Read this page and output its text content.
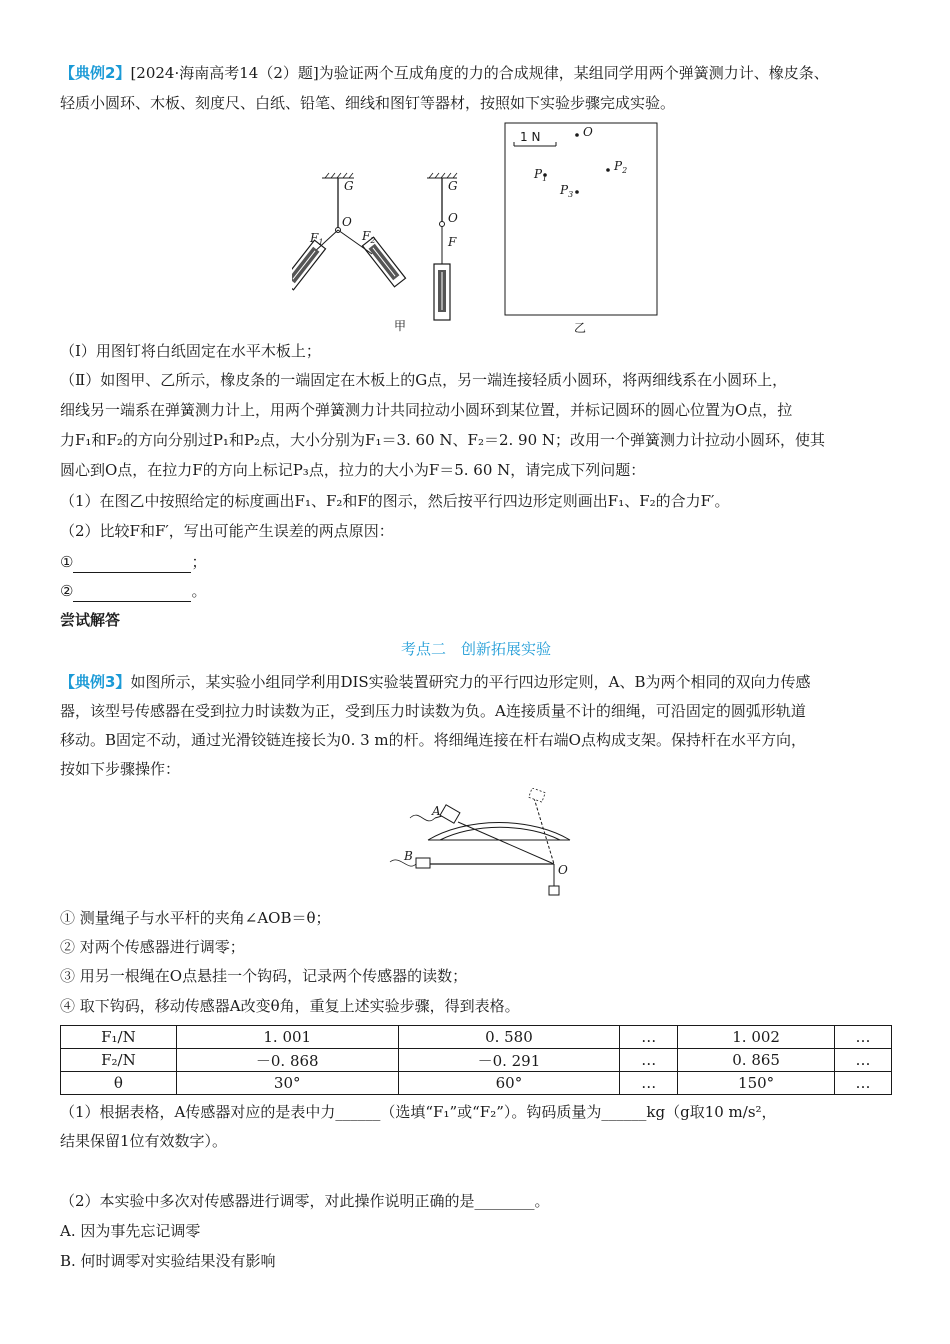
【典例2】[2024·海南高考14（2）题]为验证两个互成角度的力的合成规律，某组同学用两个弹簧测力计、橡皮条、
轻质小圆环、木板、刻度尺、白纸、铅笔、细线和图钉等器材，按照如下实验步骤完成实验。
G
O
$F_1$	$F_2$
G
O
F
甲
1 N	O
$P_1$
$P_2$
$P_3$
乙
（Ⅰ）用图钉将白纸固定在水平木板上；
（Ⅱ）如图甲、乙所示，橡皮条的一端固定在木板上的G点，另一端连接轻质小圆环，将两细线系在小圆环上，
细线另一端系在弹簧测力计上，用两个弹簧测力计共同拉动小圆环到某位置，并标记圆环的圆心位置为O点，拉
力F₁和F₂的方向分别过P₁和P₂点，大小分别为F₁＝3. 60 N、F₂＝2. 90 N；改用一个弹簧测力计拉动小圆环，使其
圆心到O点，在拉力F的方向上标记P₃点，拉力的大小为F＝5. 60 N，请完成下列问题：
（1）在图乙中按照给定的标度画出F₁、F₂和F的图示，然后按平行四边形定则画出F₁、F₂的合力F′。
（2）比较F和F′，写出可能产生误差的两点原因：
①	；
②	。
尝试解答
考点二　创新拓展实验
【典例3】如图所示，某实验小组同学利用DIS实验装置研究力的平行四边形定则，A、B为两个相同的双向力传感
器，该型号传感器在受到拉力时读数为正，受到压力时读数为负。A连接质量不计的细绳，可沿固定的圆弧形轨道
移动。B固定不动，通过光滑铰链连接长为0. 3 m的杆。将细绳连接在杆右端O点构成支架。保持杆在水平方向，
按如下步骤操作：
A
B
O
① 测量绳子与水平杆的夹角∠AOB＝θ；
② 对两个传感器进行调零；
③ 用另一根绳在O点悬挂一个钩码，记录两个传感器的读数；
④ 取下钩码，移动传感器A改变θ角，重复上述实验步骤，得到表格。
F₁/N	1. 001	0. 580	…	1. 002	…
F₂/N	－0. 868	－0. 291	…	0. 865	…
θ	30°	60°	…	150°	…
（1）根据表格，A传感器对应的是表中力______（选填“F₁”或“F₂”）。钩码质量为______kg（g取10 m/s²，
结果保留1位有效数字）。
（2）本实验中多次对传感器进行调零，对此操作说明正确的是________。
A. 因为事先忘记调零
B. 何时调零对实验结果没有影响
